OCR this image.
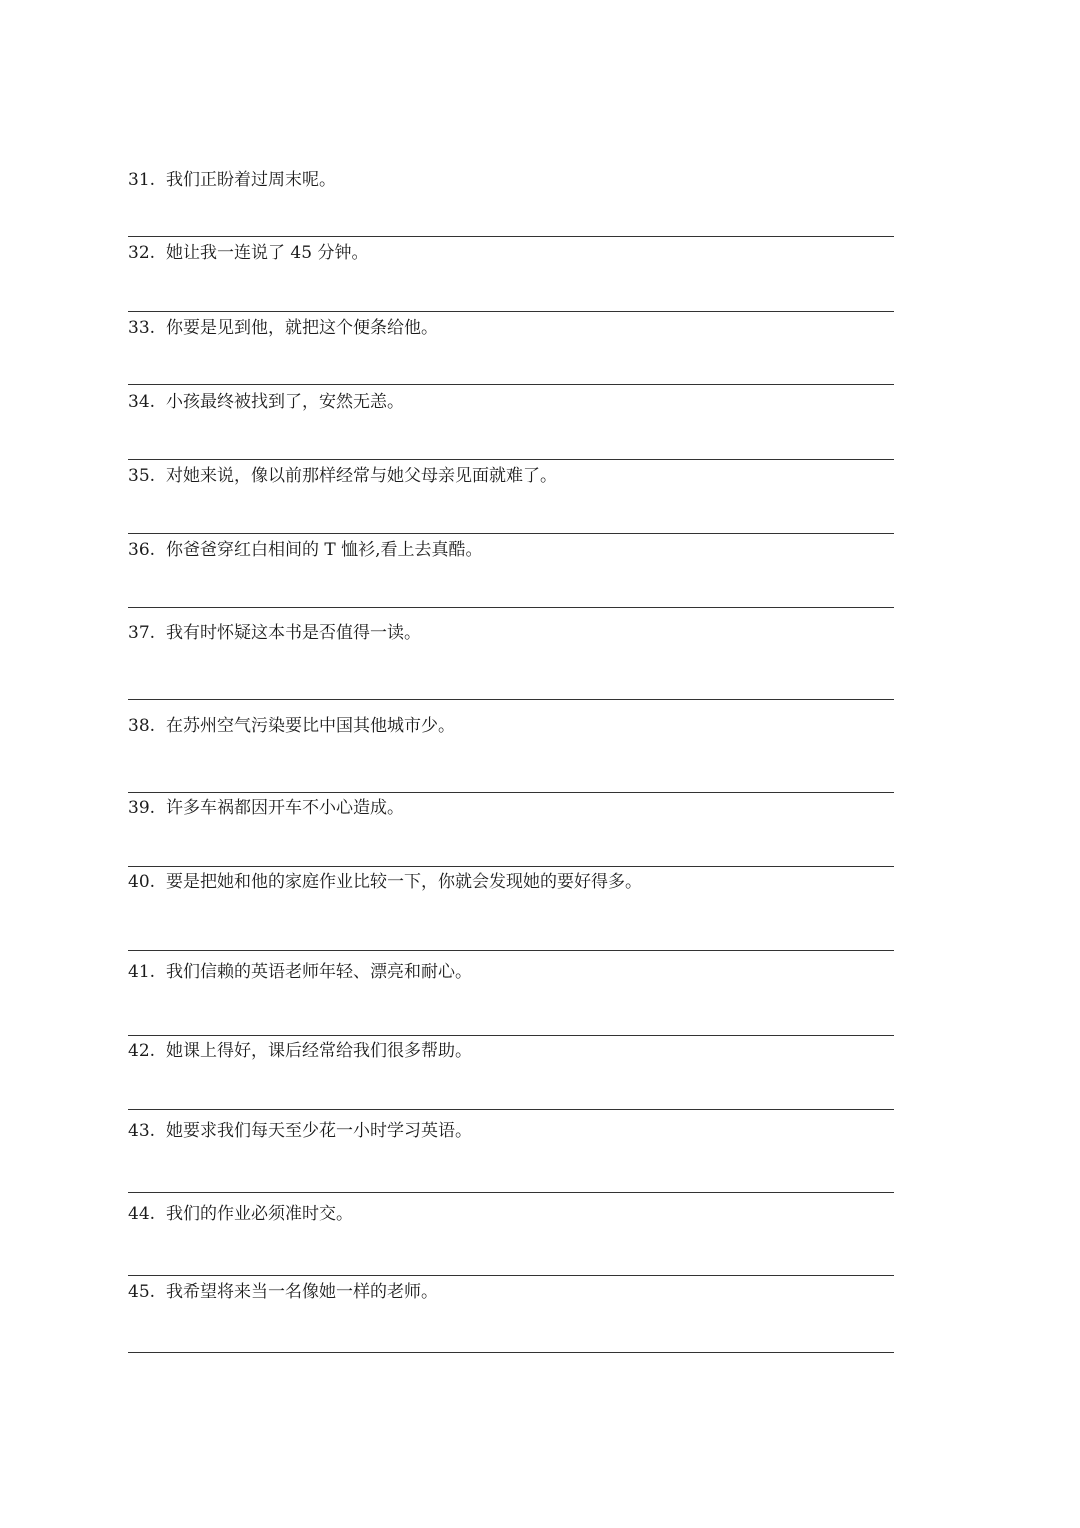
31. 我们正盼着过周末呢。
32. 她让我一连说了 45 分钟。
33. 你要是见到他，就把这个便条给他。
34. 小孩最终被找到了，安然无恙。
35. 对她来说，像以前那样经常与她父母亲见面就难了。
36. 你爸爸穿红白相间的 T 恤衫,看上去真酷。
37. 我有时怀疑这本书是否值得一读。
38. 在苏州空气污染要比中国其他城市少。
39. 许多车祸都因开车不小心造成。
40. 要是把她和他的家庭作业比较一下，你就会发现她的要好得多。
41. 我们信赖的英语老师年轻、漂亮和耐心。
42. 她课上得好，课后经常给我们很多帮助。
43. 她要求我们每天至少花一小时学习英语。
44. 我们的作业必须准时交。
45. 我希望将来当一名像她一样的老师。
